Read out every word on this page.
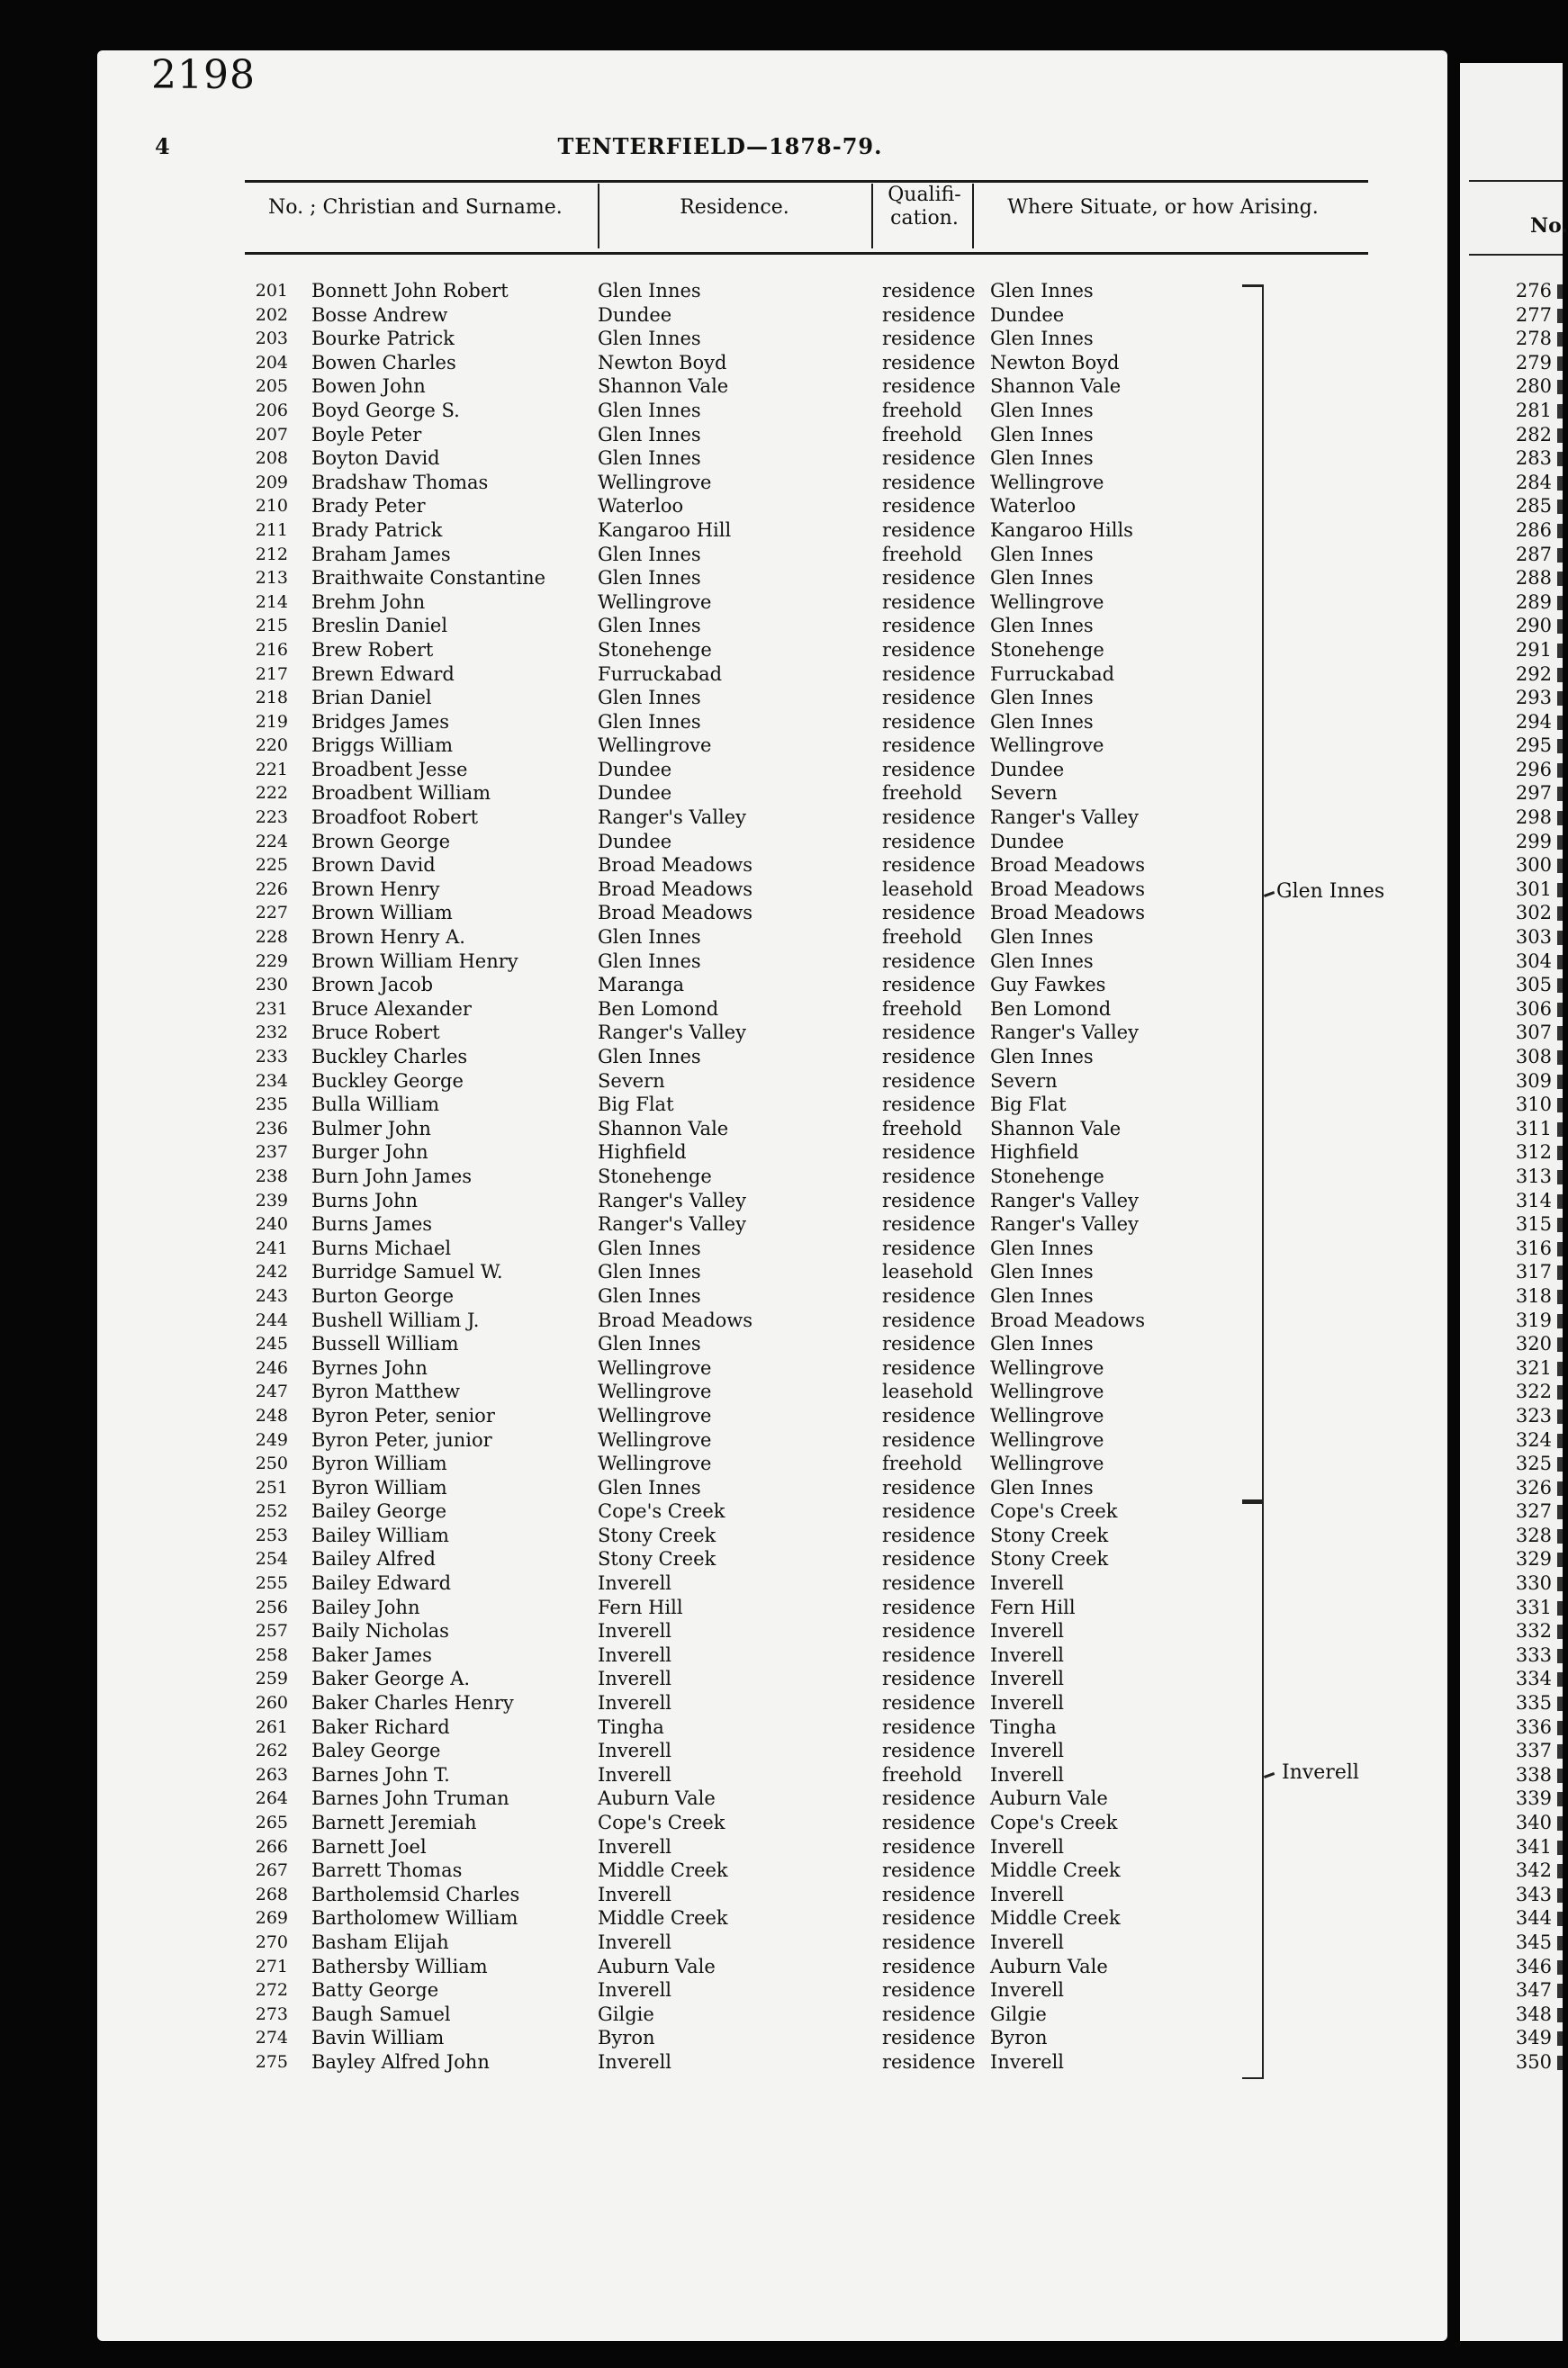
No.
276
277
278
279
280
281
282
283
284
285
286
287
288
289
290
291
292
293
294
295
296
297
298
299
300
301
302
303
304
305
306
307
308
309
310
311
312
313
314
315
316
317
318
319
320
321
322
323
324
325
326
327
328
329
330
331
332
333
334
335
336
337
338
339
340
341
342
343
344
345
346
347
348
349
350
2198
4	TENTERFIELD—1878-79.
No. ; Christian and Surname.	Residence.
Qualifi-
cation.	Where Situate, or how Arising.
201 Bonnett John Robert	Glen Innes	residence Glen Innes
202 Bosse Andrew	Dundee	residence Dundee
203 Bourke Patrick	Glen Innes	residence Glen Innes
204 Bowen Charles	Newton Boyd	residence Newton Boyd
205 Bowen John	Shannon Vale	residence Shannon Vale
206 Boyd George S.	Glen Innes	freehold Glen Innes
207 Boyle Peter	Glen Innes	freehold Glen Innes
208 Boyton David	Glen Innes	residence Glen Innes
209 Bradshaw Thomas	Wellingrove	residence Wellingrove
210 Brady Peter	Waterloo	residence Waterloo
211 Brady Patrick	Kangaroo Hill	residence Kangaroo Hills
212 Braham James	Glen Innes	freehold Glen Innes
213 Braithwaite Constantine	Glen Innes	residence Glen Innes
214 Brehm John	Wellingrove	residence Wellingrove
215 Breslin Daniel	Glen Innes	residence Glen Innes
216 Brew Robert	Stonehenge	residence Stonehenge
217 Brewn Edward	Furruckabad	residence Furruckabad
218 Brian Daniel	Glen Innes	residence Glen Innes
219 Bridges James	Glen Innes	residence Glen Innes
220 Briggs William	Wellingrove	residence Wellingrove
221 Broadbent Jesse	Dundee	residence Dundee
222 Broadbent William	Dundee	freehold Severn
223 Broadfoot Robert	Ranger's Valley	residence Ranger's Valley
224 Brown George	Dundee	residence Dundee
225 Brown David	Broad Meadows	residence Broad Meadows
226 Brown Henry	Broad Meadows	leasehold Broad Meadows
227 Brown William	Broad Meadows	residence Broad Meadows
228 Brown Henry A.	Glen Innes	freehold Glen Innes
229 Brown William Henry	Glen Innes	residence Glen Innes
230 Brown Jacob	Maranga	residence Guy Fawkes
231 Bruce Alexander	Ben Lomond	freehold Ben Lomond
232 Bruce Robert	Ranger's Valley	residence Ranger's Valley
233 Buckley Charles	Glen Innes	residence Glen Innes
234 Buckley George	Severn	residence Severn
235 Bulla William	Big Flat	residence Big Flat
236 Bulmer John	Shannon Vale	freehold Shannon Vale
237 Burger John	Highfield	residence Highfield
238 Burn John James	Stonehenge	residence Stonehenge
239 Burns John	Ranger's Valley	residence Ranger's Valley
240 Burns James	Ranger's Valley	residence Ranger's Valley
241 Burns Michael	Glen Innes	residence Glen Innes
242 Burridge Samuel W.	Glen Innes	leasehold Glen Innes
243 Burton George	Glen Innes	residence Glen Innes
244 Bushell William J.	Broad Meadows	residence Broad Meadows
245 Bussell William	Glen Innes	residence Glen Innes
246 Byrnes John	Wellingrove	residence Wellingrove
247 Byron Matthew	Wellingrove	leasehold Wellingrove
248 Byron Peter, senior	Wellingrove	residence Wellingrove
249 Byron Peter, junior	Wellingrove	residence Wellingrove
250 Byron William	Wellingrove	freehold Wellingrove
251 Byron William	Glen Innes	residence Glen Innes
252 Bailey George	Cope's Creek	residence Cope's Creek
253 Bailey William	Stony Creek	residence Stony Creek
254 Bailey Alfred	Stony Creek	residence Stony Creek
255 Bailey Edward	Inverell	residence Inverell
256 Bailey John	Fern Hill	residence Fern Hill
257 Baily Nicholas	Inverell	residence Inverell
258 Baker James	Inverell	residence Inverell
259 Baker George A.	Inverell	residence Inverell
260 Baker Charles Henry	Inverell	residence Inverell
261 Baker Richard	Tingha	residence Tingha
262 Baley George	Inverell	residence Inverell
263 Barnes John T.	Inverell	freehold Inverell
264 Barnes John Truman	Auburn Vale	residence Auburn Vale
265 Barnett Jeremiah	Cope's Creek	residence Cope's Creek
266 Barnett Joel	Inverell	residence Inverell
267 Barrett Thomas	Middle Creek	residence Middle Creek
268 Bartholemsid Charles	Inverell	residence Inverell
269 Bartholomew William	Middle Creek	residence Middle Creek
270 Basham Elijah	Inverell	residence Inverell
271 Bathersby William	Auburn Vale	residence Auburn Vale
272 Batty George	Inverell	residence Inverell
273 Baugh Samuel	Gilgie	residence Gilgie
274 Bavin William	Byron	residence Byron
275 Bayley Alfred John	Inverell	residence Inverell
Glen Innes
Inverell
